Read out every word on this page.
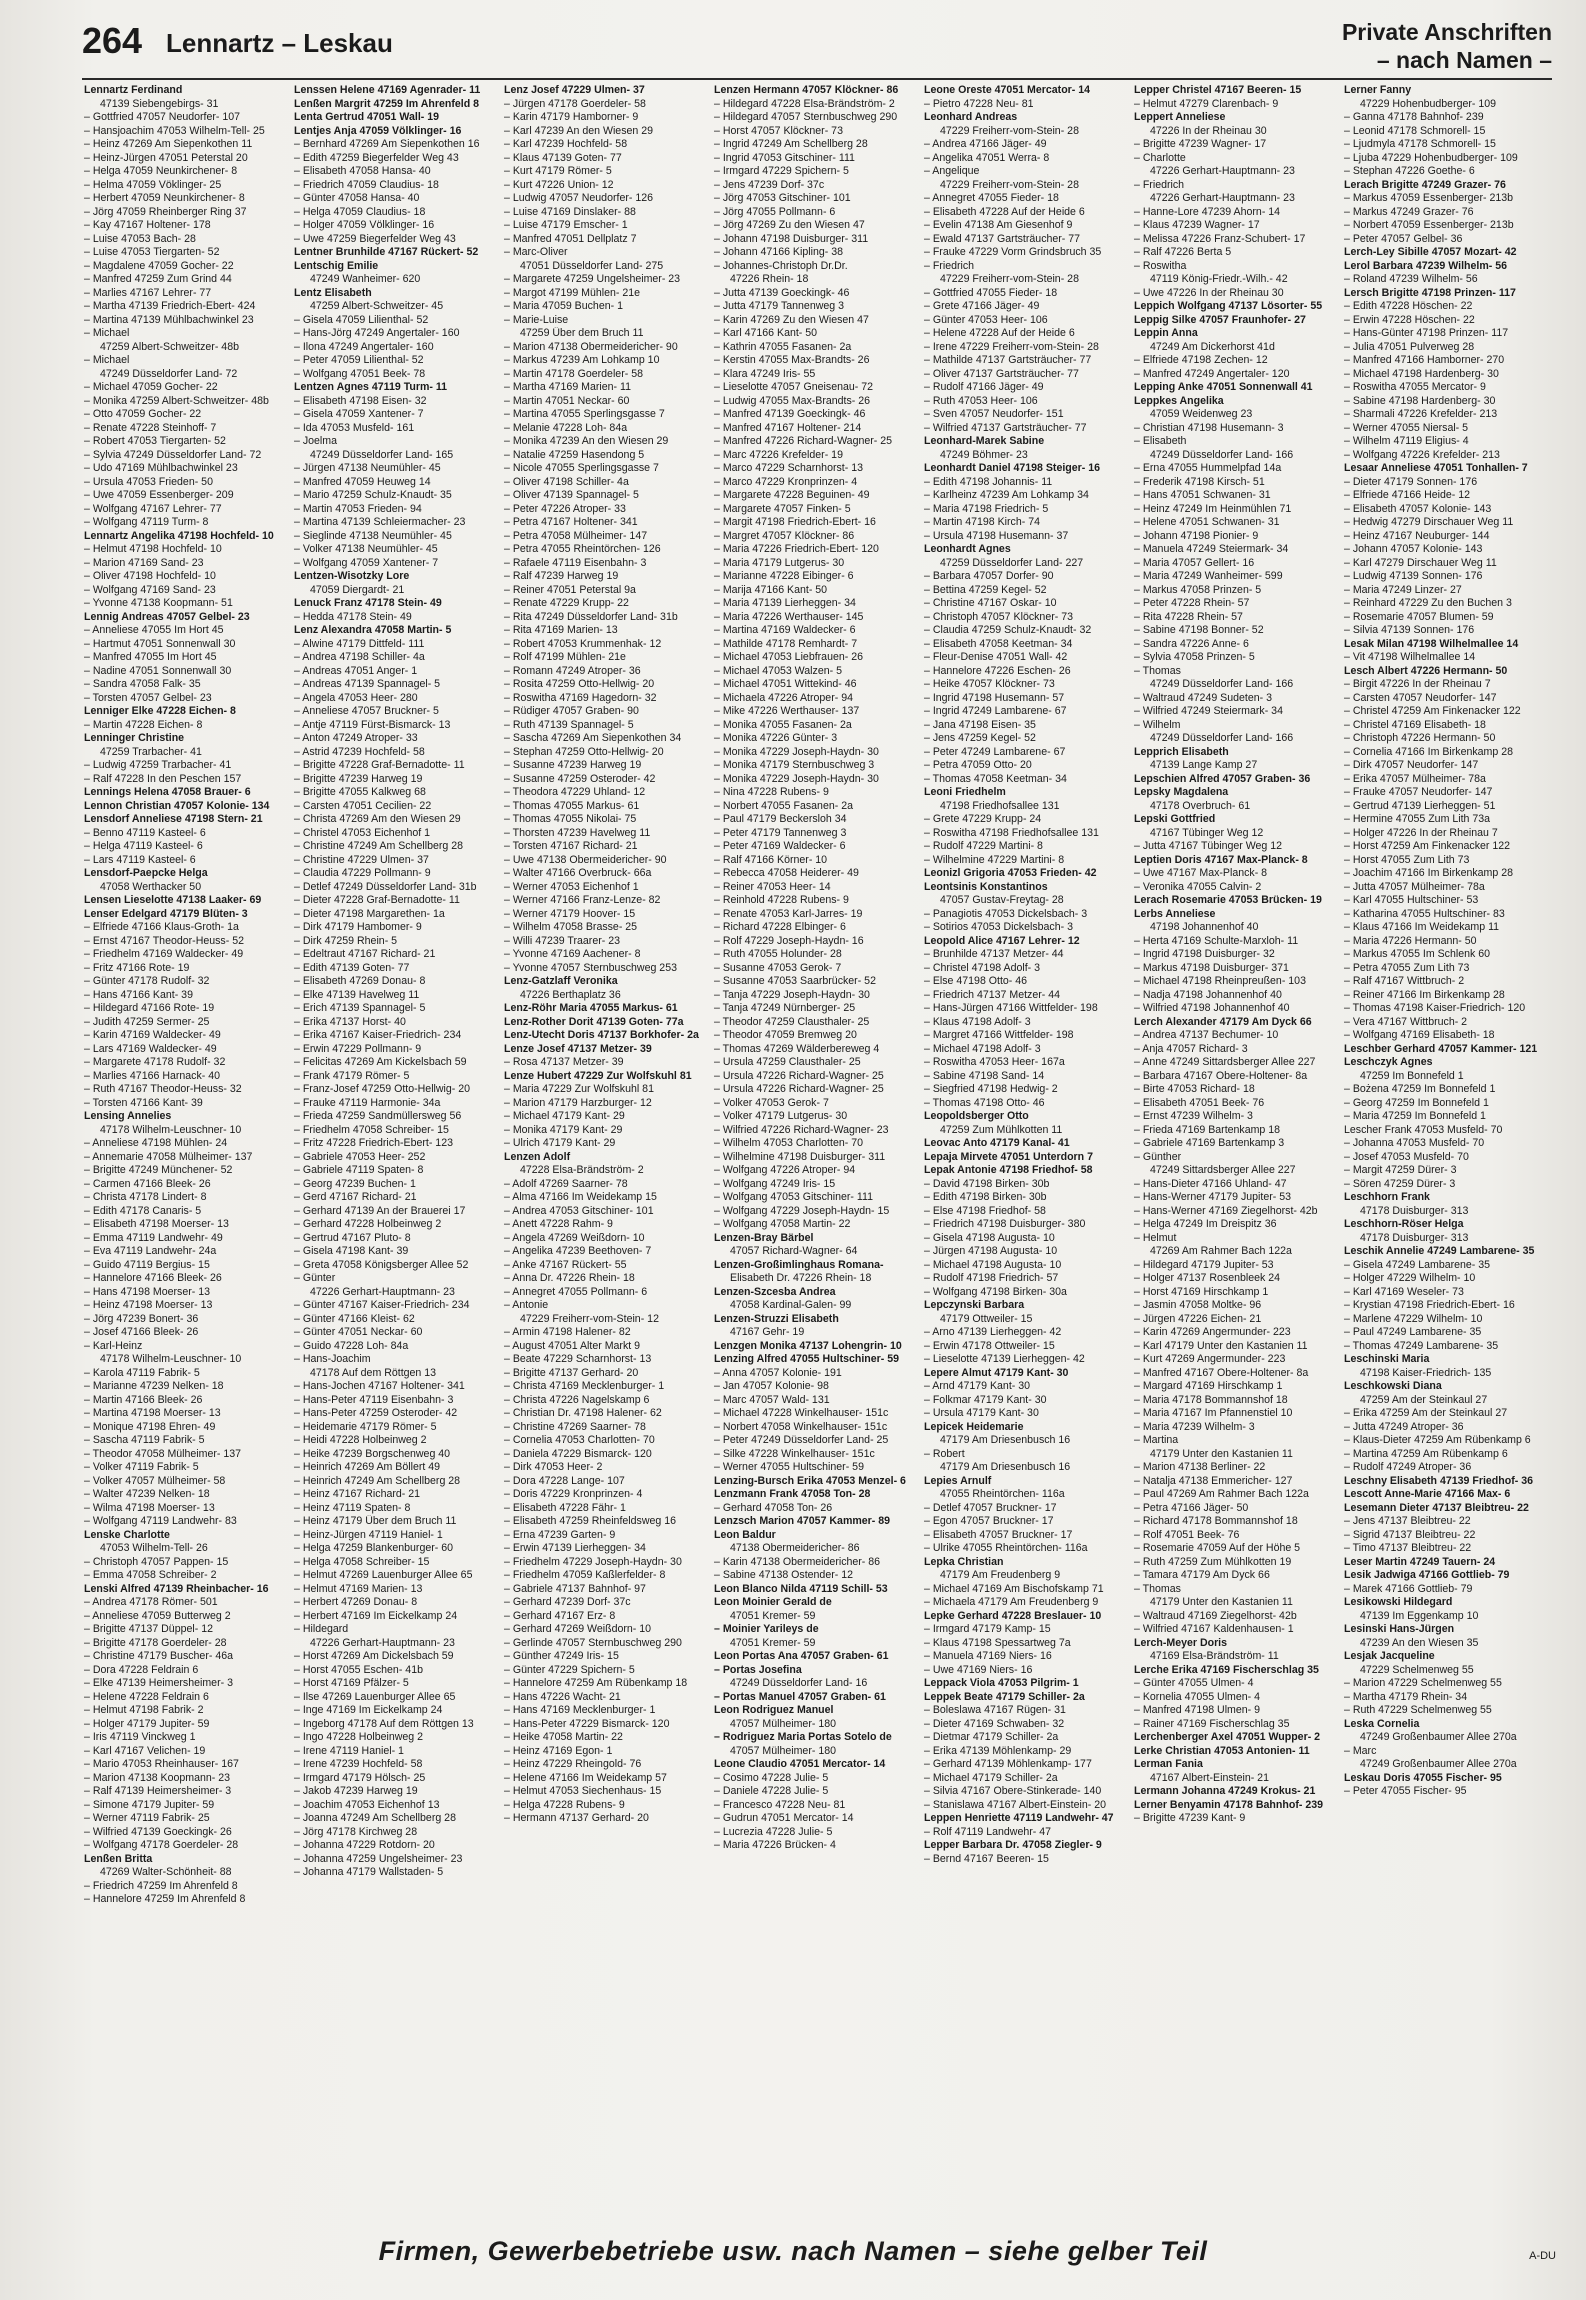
264 Lennartz – Leskau	Private Anschriften
– nach Namen –
Lennartz Ferdinand
47139 Siebengebirgs- 31
– Gottfried 47057 Neudorfer- 107
– Hansjoachim 47053 Wilhelm-Tell- 25
– Heinz 47269 Am Siepenkothen 11
– Heinz-Jürgen 47051 Peterstal 20
– Helga 47059 Neunkirchener- 8
– Helma 47059 Vöklinger- 25
– Herbert 47059 Neunkirchener- 8
– Jörg 47059 Rheinberger Ring 37
– Kay 47167 Holtener- 178
– Luise 47053 Bach- 28
– Luise 47053 Tiergarten- 52
– Magdalene 47059 Gocher- 22
– Manfred 47259 Zum Grind 44
– Marlies 47167 Lehrer- 77
– Martha 47139 Friedrich-Ebert- 424
– Martina 47139 Mühlbachwinkel 23
– Michael
47259 Albert-Schweitzer- 48b
– Michael
47249 Düsseldorfer Land- 72
– Michael 47059 Gocher- 22
– Monika 47259 Albert-Schweitzer- 48b
– Otto 47059 Gocher- 22
– Renate 47228 Steinhoff- 7
– Robert 47053 Tiergarten- 52
– Sylvia 47249 Düsseldorfer Land- 72
– Udo 47169 Mühlbachwinkel 23
– Ursula 47053 Frieden- 50
– Uwe 47059 Essenberger- 209
– Wolfgang 47167 Lehrer- 77
– Wolfgang 47119 Turm- 8
Lennartz Angelika 47198 Hochfeld- 10
– Helmut 47198 Hochfeld- 10
– Marion 47169 Sand- 23
– Oliver 47198 Hochfeld- 10
– Wolfgang 47169 Sand- 23
– Yvonne 47138 Koopmann- 51
Lennig Andreas 47057 Gelbel- 23
– Anneliese 47055 Im Hort 45
– Hartmut 47051 Sonnenwall 30
– Manfred 47055 Im Hort 45
– Nadine 47051 Sonnenwall 30
– Sandra 47058 Falk- 35
– Torsten 47057 Gelbel- 23
Lenniger Elke 47228 Eichen- 8
– Martin 47228 Eichen- 8
Lenninger Christine
47259 Trarbacher- 41
– Ludwig 47259 Trarbacher- 41
– Ralf 47228 In den Peschen 157
Lennings Helena 47058 Brauer- 6
Lennon Christian 47057 Koloniе- 134
Lensdorf Anneliese 47198 Stern- 21
– Benno 47119 Kasteel- 6
– Helga 47119 Kasteel- 6
– Lars 47119 Kasteel- 6
Lensdorf-Paepcke Helga
47058 Werthacker 50
Lensen Lieselotte 47138 Laaker- 69
Lenser Edelgard 47179 Blüten- 3
– Elfriede 47166 Klaus-Groth- 1a
– Ernst 47167 Theodor-Heuss- 52
– Friedhelm 47169 Waldecker- 49
– Fritz 47166 Rote- 19
– Günter 47178 Rudolf- 32
– Hans 47166 Kant- 39
– Hildegard 47166 Rote- 19
– Judith 47259 Sermer- 25
– Karin 47169 Waldecker- 49
– Lars 47169 Waldecker- 49
– Margarete 47178 Rudolf- 32
– Marlies 47166 Harnack- 40
– Ruth 47167 Theodor-Heuss- 32
– Torsten 47166 Kant- 39
Lensing Annelies
47178 Wilhelm-Leuschner- 10
– Anneliese 47198 Mühlen- 24
– Annemarie 47058 Mülheimer- 137
– Brigitte 47249 Münchener- 52
– Carmen 47166 Bleek- 26
– Christa 47178 Lindert- 8
– Edith 47178 Canaris- 5
– Elisabeth 47198 Moerser- 13
– Emma 47119 Landwehr- 49
– Eva 47119 Landwehr- 24a
– Guido 47119 Bergius- 15
– Hannelore 47166 Bleek- 26
– Hans 47198 Moerser- 13
– Heinz 47198 Moerser- 13
– Jörg 47239 Bonert- 36
– Josef 47166 Bleek- 26
– Karl-Heinz
47178 Wilhelm-Leuschner- 10
– Karola 47119 Fabrik- 5
– Marianne 47239 Nelken- 18
– Martin 47166 Bleek- 26
– Martina 47198 Moerser- 13
– Monique 47198 Ehren- 49
– Sascha 47119 Fabrik- 5
– Theodor 47058 Mülheimer- 137
– Volker 47119 Fabrik- 5
– Volker 47057 Mülheimer- 58
– Walter 47239 Nelken- 18
– Wilma 47198 Moerser- 13
– Wolfgang 47119 Landwehr- 83
Lenske Charlotte
47053 Wilhelm-Tell- 26
– Christoph 47057 Pappen- 15
– Emma 47058 Schreiber- 2
Lenski Alfred 47139 Rheinbacher- 16
– Andrea 47178 Römer- 501
– Anneliese 47059 Butterweg 2
– Brigitte 47137 Düppel- 12
– Brigitte 47178 Goerdeler- 28
– Christine 47179 Buscher- 46a
– Dora 47228 Feldrain 6
– Elke 47139 Heimersheimer- 3
– Helene 47228 Feldrain 6
– Helmut 47198 Fabrik- 2
– Holger 47179 Jupiter- 59
– Iris 47119 Vinckweg 1
– Karl 47167 Velichen- 19
– Mario 47053 Rheinhauser- 167
– Marion 47138 Koopmann- 23
– Ralf 47139 Heimersheimer- 3
– Simone 47179 Jupiter- 59
– Werner 47119 Fabrik- 25
– Wilfried 47139 Goeckingk- 26
– Wolfgang 47178 Goerdeler- 28
Lenßen Britta
47269 Walter-Schönheit- 88
– Friedrich 47259 Im Ahrenfeld 8
– Hannelore 47259 Im Ahrenfeld 8
Lenssen Helene 47169 Agenrader- 11
Lenßen Margrit 47259 Im Ahrenfeld 8
Lenta Gertrud 47051 Wall- 19
Lentjes Anja 47059 Völklinger- 16
– Bernhard 47269 Am Siepenkothen 16
– Edith 47259 Biegerfelder Weg 43
– Elisabeth 47058 Hansa- 40
– Friedrich 47059 Claudius- 18
– Günter 47058 Hansa- 40
– Helga 47059 Claudius- 18
– Holger 47059 Völklinger- 16
– Uwe 47259 Biegerfelder Weg 43
Lentner Brunhilde 47167 Rückert- 52
Lentschig Emilie
47249 Wanheimer- 620
Lentz Elisabeth
47259 Albert-Schweitzer- 45
– Gisela 47059 Lilienthal- 52
– Hans-Jörg 47249 Angertaler- 160
– Ilona 47249 Angertaler- 160
– Peter 47059 Lilienthal- 52
– Wolfgang 47051 Beek- 78
Lentzen Agnes 47119 Turm- 11
– Elisabeth 47198 Eisen- 32
– Gisela 47059 Xantener- 7
– Ida 47053 Musfeld- 161
– Joelma
47249 Düsseldorfer Land- 165
– Jürgen 47138 Neumühler- 45
– Manfred 47059 Heuweg 14
– Mario 47259 Schulz-Knaudt- 35
– Martin 47053 Frieden- 94
– Martina 47139 Schleiermacher- 23
– Sieglinde 47138 Neumühler- 45
– Volker 47138 Neumühler- 45
– Wolfgang 47059 Xantener- 7
Lentzen-Wisotzky Lore
47059 Diergardt- 21
Lenuck Franz 47178 Stein- 49
– Hedda 47178 Stein- 49
Lenz Alexandra 47058 Martin- 5
– Alwine 47179 Dittfeld- 111
– Andrea 47198 Schiller- 4a
– Andreas 47051 Anger- 1
– Andreas 47139 Spannagel- 5
– Angela 47053 Heer- 280
– Anneliese 47057 Bruckner- 5
– Antje 47119 Fürst-Bismarck- 13
– Anton 47249 Atroper- 33
– Astrid 47239 Hochfeld- 58
– Brigitte 47228 Graf-Bernadotte- 11
– Brigitte 47239 Harweg 19
– Brigitte 47055 Kalkweg 68
– Carsten 47051 Cecilien- 22
– Christa 47269 Am den Wiesen 29
– Christel 47053 Eichenhof 1
– Christine 47249 Am Schellberg 28
– Christine 47229 Ulmen- 37
– Claudia 47229 Pollmann- 9
– Detlef 47249 Düsseldorfer Land- 31b
– Dieter 47228 Graf-Bernadotte- 11
– Dieter 47198 Margarethen- 1a
– Dirk 47179 Hambomer- 9
– Dirk 47259 Rhein- 5
– Edeltraut 47167 Richard- 21
– Edith 47139 Goten- 77
– Elisabeth 47269 Donau- 8
– Elke 47139 Havelweg 11
– Erich 47139 Spannagel- 5
– Erika 47137 Horst- 40
– Erika 47167 Kaiser-Friedrich- 234
– Erwin 47229 Pollmann- 9
– Felicitas 47269 Am Kickelsbach 59
– Frank 47179 Römer- 5
– Franz-Josef 47259 Otto-Hellwig- 20
– Frauke 47119 Harmonie- 34a
– Frieda 47259 Sandmüllersweg 56
– Friedhelm 47058 Schreiber- 15
– Fritz 47228 Friedrich-Ebert- 123
– Gabriele 47053 Heer- 252
– Gabriele 47119 Spaten- 8
– Georg 47239 Buchen- 1
– Gerd 47167 Richard- 21
– Gerhard 47139 An der Brauerei 17
– Gerhard 47228 Holbeinweg 2
– Gertrud 47167 Pluto- 8
– Gisela 47198 Kant- 39
– Greta 47058 Königsberger Allee 52
– Günter
47226 Gerhart-Hauptmann- 23
– Günter 47167 Kaiser-Friedrich- 234
– Günter 47166 Kleist- 62
– Günter 47051 Neckar- 60
– Guido 47228 Loh- 84a
– Hans-Joachim
47178 Auf dem Röttgen 13
– Hans-Jochen 47167 Holtener- 341
– Hans-Peter 47119 Eisenbahn- 3
– Hans-Peter 47259 Osteroder- 42
– Heidemarie 47179 Römer- 5
– Heidi 47228 Holbeinweg 2
– Heike 47239 Borgschenweg 40
– Heinrich 47269 Am Böllert 49
– Heinrich 47249 Am Schellberg 28
– Heinz 47167 Richard- 21
– Heinz 47119 Spaten- 8
– Heinz 47179 Über dem Bruch 11
– Heinz-Jürgen 47119 Haniel- 1
– Helga 47259 Blankenburger- 60
– Helga 47058 Schreiber- 15
– Helmut 47269 Lauenburger Allee 65
– Helmut 47169 Marien- 13
– Herbert 47269 Donau- 8
– Herbert 47169 Im Eickelkamp 24
– Hildegard
47226 Gerhart-Hauptmann- 23
– Horst 47269 Am Dickelsbach 59
– Horst 47055 Eschen- 41b
– Horst 47169 Pfälzer- 5
– Ilse 47269 Lauenburger Allee 65
– Inge 47169 Im Eickelkamp 24
– Ingeborg 47178 Auf dem Röttgen 13
– Ingo 47228 Holbeinweg 2
– Irene 47119 Haniel- 1
– Irene 47239 Hochfeld- 58
– Irmgard 47179 Hölsch- 25
– Jakob 47239 Harweg 19
– Joachim 47053 Eichenhof 13
– Joanna 47249 Am Schellberg 28
– Jörg 47178 Kirchweg 28
– Johanna 47229 Rotdorn- 20
– Johanna 47259 Ungelsheimer- 23
– Johanna 47179 Wallstaden- 5
Lenz Josef 47229 Ulmen- 37
– Jürgen 47178 Goerdeler- 58
– Karin 47179 Hamborner- 9
– Karl 47239 An den Wiesen 29
– Karl 47239 Hochfeld- 58
– Klaus 47139 Goten- 77
– Kurt 47179 Römer- 5
– Kurt 47226 Union- 12
– Ludwig 47057 Neudorfer- 126
– Luise 47169 Dinslaker- 88
– Luise 47179 Emscher- 1
– Manfred 47051 Dellplatz 7
– Marc-Oliver
47051 Düsseldorfer Land- 275
– Margarete 47259 Ungelsheimer- 23
– Margot 47199 Mühlen- 21e
– Maria 47059 Buchen- 1
– Marie-Luise
47259 Über dem Bruch 11
– Marion 47138 Obermeidericher- 90
– Markus 47239 Am Lohkamp 10
– Martin 47178 Goerdeler- 58
– Martha 47169 Marien- 11
– Martin 47051 Neckar- 60
– Martina 47055 Sperlingsgasse 7
– Melanie 47228 Loh- 84a
– Monika 47239 An den Wiesen 29
– Natalie 47259 Hasendong 5
– Nicole 47055 Sperlingsgasse 7
– Oliver 47198 Schiller- 4a
– Oliver 47139 Spannagel- 5
– Peter 47226 Atroper- 33
– Petra 47167 Holtener- 341
– Petra 47058 Mülheimer- 147
– Petra 47055 Rheintörchen- 126
– Rafaele 47119 Eisenbahn- 3
– Ralf 47239 Harweg 19
– Reiner 47051 Peterstal 9a
– Renate 47229 Krupp- 22
– Rita 47249 Düsseldorfer Land- 31b
– Rita 47169 Marien- 13
– Robert 47053 Krummenhak- 12
– Rolf 47199 Mühlen- 21e
– Romann 47249 Atroper- 36
– Rosita 47259 Otto-Hellwig- 20
– Roswitha 47169 Hagedorn- 32
– Rüdiger 47057 Graben- 90
– Ruth 47139 Spannagel- 5
– Sascha 47269 Am Siepenkothen 34
– Stephan 47259 Otto-Hellwig- 20
– Susanne 47239 Harweg 19
– Susanne 47259 Osteroder- 42
– Theodora 47229 Uhland- 12
– Thomas 47055 Markus- 61
– Thomas 47055 Nikolai- 75
– Thorsten 47239 Havelweg 11
– Torsten 47167 Richard- 21
– Uwe 47138 Obermeidericher- 90
– Walter 47166 Overbruck- 66a
– Werner 47053 Eichenhof 1
– Werner 47166 Franz-Lenze- 82
– Werner 47179 Hoover- 15
– Wilhelm 47058 Brasse- 25
– Willi 47239 Traarer- 23
– Yvonne 47169 Aachener- 8
– Yvonne 47057 Sternbuschweg 253
Lenz-Gatzlaff Veronika
47226 Berthaplatz 36
Lenz-Röhr Maria 47055 Markus- 61
Lenz-Rother Dorit 47139 Goten- 77a
Lenz-Utecht Doris 47137 Borkhofer- 2a
Lenze Josef 47137 Metzer- 39
– Rosa 47137 Metzer- 39
Lenze Hubert 47229 Zur Wolfskuhl 81
– Maria 47229 Zur Wolfskuhl 81
– Marion 47179 Harzburger- 12
– Michael 47179 Kant- 29
– Monika 47179 Kant- 29
– Ulrich 47179 Kant- 29
Lenzen Adolf
47228 Elsa-Brändström- 2
– Adolf 47269 Saarner- 78
– Alma 47166 Im Weidekamp 15
– Andrea 47053 Gitschiner- 101
– Anett 47228 Rahm- 9
– Angela 47269 Weißdorn- 10
– Angelika 47239 Beethoven- 7
– Anke 47167 Rückert- 55
– Anna Dr. 47226 Rhein- 18
– Annegret 47055 Pollmann- 6
– Antonie
47229 Freiherr-vom-Stein- 12
– Armin 47198 Halener- 82
– August 47051 Alter Markt 9
– Beate 47229 Scharnhorst- 13
– Brigitte 47137 Gerhard- 20
– Christa 47169 Mecklenburger- 1
– Christa 47226 Nagelskamp 6
– Christian Dr. 47198 Halener- 62
– Christine 47269 Saarner- 78
– Cornelia 47053 Charlotten- 70
– Daniela 47229 Bismarck- 120
– Dirk 47053 Heer- 2
– Dora 47228 Lange- 107
– Doris 47229 Kronprinzen- 4
– Elisabeth 47228 Fähr- 1
– Elisabeth 47259 Rheinfeldsweg 16
– Erna 47239 Garten- 9
– Erwin 47139 Lierheggen- 34
– Friedhelm 47229 Joseph-Haydn- 30
– Friedhelm 47059 Kaßlerfelder- 8
– Gabriele 47137 Bahnhof- 97
– Gerhard 47239 Dorf- 37c
– Gerhard 47167 Erz- 8
– Gerhard 47269 Weißdorn- 10
– Gerlinde 47057 Sternbuschweg 290
– Günther 47249 Iris- 15
– Günter 47229 Spichern- 5
– Hannelore 47259 Am Rübenkamp 18
– Hans 47226 Wacht- 21
– Hans 47169 Mecklenburger- 1
– Hans-Peter 47229 Bismarck- 120
– Heike 47058 Martin- 22
– Heinz 47169 Egon- 1
– Heinz 47229 Rheingold- 76
– Helene 47166 Im Weidekamp 57
– Helmut 47053 Siechenhaus- 15
– Helga 47228 Rubens- 9
– Hermann 47137 Gerhard- 20
Lenzen Hermann 47057 Klöckner- 86
– Hildegard 47228 Elsa-Brändström- 2
– Hildegard 47057 Sternbuschweg 290
– Horst 47057 Klöckner- 73
– Ingrid 47249 Am Schellberg 28
– Ingrid 47053 Gitschiner- 111
– Irmgard 47229 Spichern- 5
– Jens 47239 Dorf- 37c
– Jörg 47053 Gitschiner- 101
– Jörg 47055 Pollmann- 6
– Jörg 47269 Zu den Wiesen 47
– Johann 47198 Duisburger- 311
– Johann 47166 Kipling- 38
– Johannes-Christoph Dr.Dr.
47226 Rhein- 18
– Jutta 47139 Goeckingk- 46
– Jutta 47179 Tannenweg 3
– Karin 47269 Zu den Wiesen 47
– Karl 47166 Kant- 50
– Kathrin 47055 Fasanen- 2a
– Kerstin 47055 Max-Brandts- 26
– Klara 47249 Iris- 55
– Lieselotte 47057 Gneisenau- 72
– Ludwig 47055 Max-Brandts- 26
– Manfred 47139 Goeckingk- 46
– Manfred 47167 Holtener- 214
– Manfred 47226 Richard-Wagner- 25
– Marc 47226 Krefelder- 19
– Marco 47229 Scharnhorst- 13
– Marco 47229 Kronprinzen- 4
– Margarete 47228 Beguinen- 49
– Margarete 47057 Finken- 5
– Margit 47198 Friedrich-Ebert- 16
– Margret 47057 Klöckner- 86
– Maria 47226 Friedrich-Ebert- 120
– Maria 47179 Lutgerus- 30
– Marianne 47228 Eibinger- 6
– Marija 47166 Kant- 50
– Maria 47139 Lierheggen- 34
– Maria 47226 Werthauser- 145
– Martina 47169 Waldecker- 6
– Mathilde 47178 Remhardt- 7
– Michael 47053 Liebfrauen- 26
– Michael 47053 Walzen- 5
– Michael 47051 Wittekind- 46
– Michaela 47226 Atroper- 94
– Mike 47226 Werthauser- 137
– Monika 47055 Fasanen- 2a
– Monika 47226 Günter- 3
– Monika 47229 Joseph-Haydn- 30
– Monika 47179 Sternbuschweg 3
– Monika 47229 Joseph-Haydn- 30
– Nina 47228 Rubens- 9
– Norbert 47055 Fasanen- 2a
– Paul 47179 Beckersloh 34
– Peter 47179 Tannenweg 3
– Peter 47169 Waldecker- 6
– Ralf 47166 Körner- 10
– Rebecca 47058 Heiderer- 49
– Reiner 47053 Heer- 14
– Reinhold 47228 Rubens- 9
– Renate 47053 Karl-Jarres- 19
– Richard 47228 Elbinger- 6
– Rolf 47229 Joseph-Haydn- 16
– Ruth 47055 Holunder- 28
– Susanne 47053 Gerok- 7
– Susanne 47053 Saarbrücker- 52
– Tanja 47229 Joseph-Haydn- 30
– Tanja 47249 Nürnberger- 25
– Theodor 47259 Clausthaler- 25
– Theodor 47059 Bremweg 20
– Thomas 47269 Wälderbereweg 4
– Ursula 47259 Clausthaler- 25
– Ursula 47226 Richard-Wagner- 25
– Ursula 47226 Richard-Wagner- 25
– Volker 47053 Gerok- 7
– Volker 47179 Lutgerus- 30
– Wilfried 47226 Richard-Wagner- 23
– Wilhelm 47053 Charlotten- 70
– Wilhelmine 47198 Duisburger- 311
– Wolfgang 47226 Atroper- 94
– Wolfgang 47249 Iris- 15
– Wolfgang 47053 Gitschiner- 111
– Wolfgang 47229 Joseph-Haydn- 15
– Wolfgang 47058 Martin- 22
Lenzen-Bray Bärbel
47057 Richard-Wagner- 64
Lenzen-Großimlinghaus Romana-
Elisabeth Dr. 47226 Rhein- 18
Lenzen-Szcesba Andrea
47058 Kardinal-Galen- 99
Lenzen-Struzzi Elisabeth
47167 Gehr- 19
Lenzgen Monika 47137 Lohengrin- 10
Lenzing Alfred 47055 Hultschiner- 59
– Anna 47057 Kolonie- 191
– Jan 47057 Kolonie- 98
– Marc 47057 Wald- 131
– Michael 47228 Winkelhauser- 151c
– Norbert 47058 Winkelhauser- 151c
– Peter 47249 Düsseldorfer Land- 25
– Silke 47228 Winkelhauser- 151c
– Werner 47055 Hultschiner- 59
Lenzing-Bursch Erika 47053 Menzel- 6
Lenzmann Frank 47058 Ton- 28
– Gerhard 47058 Ton- 26
Lenzsch Marion 47057 Kammer- 89
Leon Baldur
47138 Obermeidericher- 86
– Karin 47138 Obermeidericher- 86
– Sabine 47138 Ostender- 12
Leon Blanco Nilda 47119 Schill- 53
Leon Moinier Gerald de
47051 Kremer- 59
– Moinier Yarileys de
47051 Kremer- 59
Leon Portas Ana 47057 Graben- 61
– Portas Josefina
47249 Düsseldorfer Land- 16
– Portas Manuel 47057 Graben- 61
Leon Rodriguez Manuel
47057 Mülheimer- 180
– Rodriguez Maria Portas Sotelo de
47057 Mülheimer- 180
Leone Claudio 47051 Mercator- 14
– Cosimo 47228 Julie- 5
– Daniele 47228 Julie- 5
– Francesco 47228 Neu- 81
– Gudrun 47051 Mercator- 14
– Lucrezia 47228 Julie- 5
– Maria 47226 Brücken- 4
Leone Oreste 47051 Mercator- 14
– Pietro 47228 Neu- 81
Leonhard Andreas
47229 Freiherr-vom-Stein- 28
– Andrea 47166 Jäger- 49
– Angelika 47051 Werra- 8
– Angelique
47229 Freiherr-vom-Stein- 28
– Annegret 47055 Fieder- 18
– Elisabeth 47228 Auf der Heide 6
– Evelin 47138 Am Giesenhof 9
– Ewald 47137 Gartsträucher- 77
– Frauke 47229 Vorm Grindsbruch 35
– Friedrich
47229 Freiherr-vom-Stein- 28
– Gottfried 47055 Fieder- 18
– Grete 47166 Jäger- 49
– Günter 47053 Heer- 106
– Helene 47228 Auf der Heide 6
– Irene 47229 Freiherr-vom-Stein- 28
– Mathilde 47137 Gartsträucher- 77
– Oliver 47137 Gartsträucher- 77
– Rudolf 47166 Jäger- 49
– Ruth 47053 Heer- 106
– Sven 47057 Neudorfer- 151
– Wilfried 47137 Gartsträucher- 77
Leonhard-Marek Sabine
47249 Böhmer- 23
Leonhardt Daniel 47198 Steiger- 16
– Edith 47198 Johannis- 11
– Karlheinz 47239 Am Lohkamp 34
– Maria 47198 Friedrich- 5
– Martin 47198 Kirch- 74
– Ursula 47198 Husemann- 37
Leonhardt Agnes
47259 Düsseldorfer Land- 227
– Barbara 47057 Dorfer- 90
– Bettina 47259 Kegel- 52
– Christine 47167 Oskar- 10
– Christoph 47057 Klöckner- 73
– Claudia 47259 Schulz-Knaudt- 32
– Elisabeth 47058 Keetman- 34
– Fleur-Denise 47051 Wall- 42
– Hannelore 47226 Eschen- 26
– Heike 47057 Klöckner- 73
– Ingrid 47198 Husemann- 57
– Ingrid 47249 Lambarene- 67
– Jana 47198 Eisen- 35
– Jens 47259 Kegel- 52
– Peter 47249 Lambarene- 67
– Petra 47059 Otto- 20
– Thomas 47058 Keetman- 34
Leoni Friedhelm
47198 Friedhofsallee 131
– Grete 47229 Krupp- 24
– Roswitha 47198 Friedhofsallee 131
– Rudolf 47229 Martini- 8
– Wilhelmine 47229 Martini- 8
Leonizl Grigoria 47053 Frieden- 42
Leontsinis Konstantinos
47057 Gustav-Freytag- 28
– Panagiotis 47053 Dickelsbach- 3
– Sotirios 47053 Dickelsbach- 3
Leopold Alice 47167 Lehrer- 12
– Brunhilde 47137 Metzer- 44
– Christel 47198 Adolf- 3
– Else 47198 Otto- 46
– Friedrich 47137 Metzer- 44
– Hans-Jürgen 47166 Wittfelder- 198
– Klaus 47198 Adolf- 3
– Margret 47166 Wittfelder- 198
– Michael 47198 Adolf- 3
– Roswitha 47053 Heer- 167a
– Sabine 47198 Sand- 14
– Siegfried 47198 Hedwig- 2
– Thomas 47198 Otto- 46
Leopoldsberger Otto
47259 Zum Mühlkotten 11
Leovac Anto 47179 Kanal- 41
Lepaja Mirvete 47051 Unterdorn 7
Lepak Antonie 47198 Friedhof- 58
– David 47198 Birken- 30b
– Edith 47198 Birken- 30b
– Else 47198 Friedhof- 58
– Friedrich 47198 Duisburger- 380
– Gisela 47198 Augusta- 10
– Jürgen 47198 Augusta- 10
– Michael 47198 Augusta- 10
– Rudolf 47198 Friedrich- 57
– Wolfgang 47198 Birken- 30a
Lepczynski Barbara
47179 Ottweiler- 15
– Arno 47139 Lierheggen- 42
– Erwin 47178 Ottweiler- 15
– Lieselotte 47139 Lierheggen- 42
Lepere Almut 47179 Kant- 30
– Arnd 47179 Kant- 30
– Folkmar 47179 Kant- 30
– Ursula 47179 Kant- 30
Lepicek Heidemarie
47179 Am Driesenbusch 16
– Robert
47179 Am Driesenbusch 16
Lepies Arnulf
47055 Rheintörchen- 116a
– Detlef 47057 Bruckner- 17
– Egon 47057 Bruckner- 17
– Elisabeth 47057 Bruckner- 17
– Ulrike 47055 Rheintörchen- 116a
Lepka Christian
47179 Am Freudenberg 9
– Michael 47169 Am Bischofskamp 71
– Michaela 47179 Am Freudenberg 9
Lepke Gerhard 47228 Breslauer- 10
– Irmgard 47179 Kamp- 15
– Klaus 47198 Spessartweg 7a
– Manuela 47169 Niers- 16
– Uwe 47169 Niers- 16
Leppack Viola 47053 Pilgrim- 1
Leppek Beate 47179 Schiller- 2a
– Boleslawa 47167 Rügen- 31
– Dieter 47169 Schwaben- 32
– Dietmar 47179 Schiller- 2a
– Erika 47139 Möhlenkamp- 29
– Gerhard 47139 Möhlenkamp- 177
– Michael 47179 Schiller- 2a
– Silvia 47167 Obere-Stinkerade- 140
– Stanislawa 47167 Albert-Einstein- 20
Leppen Henriette 47119 Landwehr- 47
– Rolf 47119 Landwehr- 47
Lepper Barbara Dr. 47058 Ziegler- 9
– Bernd 47167 Beeren- 15
Lepper Christel 47167 Beeren- 15
– Helmut 47279 Clarenbach- 9
Leppert Anneliese
47226 In der Rheinau 30
– Brigitte 47239 Wagner- 17
– Charlotte
47226 Gerhart-Hauptmann- 23
– Friedrich
47226 Gerhart-Hauptmann- 23
– Hanne-Lore 47239 Ahorn- 14
– Klaus 47239 Wagner- 17
– Melissa 47226 Franz-Schubert- 17
– Ralf 47226 Berta 5
– Roswitha
47119 König-Friedr.-Wilh.- 42
– Uwe 47226 In der Rheinau 30
Leppich Wolfgang 47137 Lösorter- 55
Leppig Silke 47057 Fraunhofer- 27
Leppin Anna
47249 Am Dickerhorst 41d
– Elfriede 47198 Zechen- 12
– Manfred 47249 Angertaler- 120
Lepping Anke 47051 Sonnenwall 41
Leppkes Angelika
47059 Weidenweg 23
– Christian 47198 Husemann- 3
– Elisabeth
47249 Düsseldorfer Land- 166
– Erna 47055 Hummelpfad 14a
– Frederik 47198 Kirsch- 51
– Hans 47051 Schwanen- 31
– Heinz 47249 Im Heinmühlen 71
– Helene 47051 Schwanen- 31
– Johann 47198 Pionier- 9
– Manuela 47249 Steiermark- 34
– Maria 47057 Gellert- 16
– Maria 47249 Wanheimer- 599
– Markus 47058 Prinzen- 5
– Peter 47228 Rhein- 57
– Rita 47228 Rhein- 57
– Sabine 47198 Bonner- 52
– Sandra 47226 Anne- 6
– Sylvia 47058 Prinzen- 5
– Thomas
47249 Düsseldorfer Land- 166
– Waltraud 47249 Sudeten- 3
– Wilfried 47249 Steiermark- 34
– Wilhelm
47249 Düsseldorfer Land- 166
Lepprich Elisabeth
47139 Lange Kamp 27
Lepschien Alfred 47057 Graben- 36
Lepsky Magdalena
47178 Overbruch- 61
Lepski Gottfried
47167 Tübinger Weg 12
– Jutta 47167 Tübinger Weg 12
Leptien Doris 47167 Max-Planck- 8
– Uwe 47167 Max-Planck- 8
– Veronika 47055 Calvin- 2
Lerach Rosemarie 47053 Brücken- 19
Lerbs Anneliese
47198 Johannenhof 40
– Herta 47169 Schulte-Marxloh- 11
– Ingrid 47198 Duisburger- 32
– Markus 47198 Duisburger- 371
– Michael 47198 Rheinpreußen- 103
– Nadja 47198 Johannenhof 40
– Wilfried 47198 Johannenhof 40
Lerch Alexander 47179 Am Dyck 66
– Andrea 47137 Bechumer- 10
– Anja 47057 Richard- 3
– Anne 47249 Sittardsberger Allee 227
– Barbara 47167 Obere-Holtener- 8a
– Birte 47053 Richard- 18
– Elisabeth 47051 Beek- 76
– Ernst 47239 Wilhelm- 3
– Frieda 47169 Bartenkamp 18
– Gabriele 47169 Bartenkamp 3
– Günther
47249 Sittardsberger Allee 227
– Hans-Dieter 47166 Uhland- 47
– Hans-Werner 47179 Jupiter- 53
– Hans-Werner 47169 Ziegelhorst- 42b
– Helga 47249 Im Dreispitz 36
– Helmut
47269 Am Rahmer Bach 122a
– Hildegard 47179 Jupiter- 53
– Holger 47137 Rosenbleek 24
– Horst 47169 Hirschkamp 1
– Jasmin 47058 Moltke- 96
– Jürgen 47226 Eichen- 21
– Karin 47269 Angermunder- 223
– Karl 47179 Unter den Kastanien 11
– Kurt 47269 Angermunder- 223
– Manfred 47167 Obere-Holtener- 8a
– Margard 47169 Hirschkamp 1
– Maria 47178 Bommannshof 18
– Maria 47167 Im Pfannenstiel 10
– Maria 47239 Wilhelm- 3
– Martina
47179 Unter den Kastanien 11
– Marion 47138 Berliner- 22
– Natalja 47138 Emmericher- 127
– Paul 47269 Am Rahmer Bach 122a
– Petra 47166 Jäger- 50
– Richard 47178 Bommannshof 18
– Rolf 47051 Beek- 76
– Rosemarie 47059 Auf der Höhe 5
– Ruth 47259 Zum Mühlkotten 19
– Tamara 47179 Am Dyck 66
– Thomas
47179 Unter den Kastanien 11
– Waltraud 47169 Ziegelhorst- 42b
– Wilfried 47167 Kaldenhausen- 1
Lerch-Meyer Doris
47169 Elsa-Brändström- 11
Lerche Erika 47169 Fischerschlag 35
– Günter 47055 Ulmen- 4
– Kornelia 47055 Ulmen- 4
– Manfred 47198 Ulmen- 9
– Rainer 47169 Fischerschlag 35
Lerchenberger Axel 47051 Wupper- 2
Lerke Christian 47053 Antonien- 11
Lerman Fania
47167 Albert-Einstein- 21
Lermann Johanna 47249 Krokus- 21
Lerner Benyamin 47178 Bahnhof- 239
– Brigitte 47239 Kant- 9
Lerner Fanny
47229 Hohenbudberger- 109
– Ganna 47178 Bahnhof- 239
– Leonid 47178 Schmorell- 15
– Ljudmyla 47178 Schmorell- 15
– Ljuba 47229 Hohenbudberger- 109
– Stephan 47226 Goethe- 6
Lerach Brigitte 47249 Grazer- 76
– Markus 47059 Essenberger- 213b
– Markus 47249 Grazer- 76
– Norbert 47059 Essenberger- 213b
– Peter 47057 Gelbel- 36
Lerch-Ley Sibille 47057 Mozart- 42
Lerol Barbara 47239 Wilhelm- 56
– Roland 47239 Wilhelm- 56
Lersch Brigitte 47198 Prinzen- 117
– Edith 47228 Höschen- 22
– Erwin 47228 Höschen- 22
– Hans-Günter 47198 Prinzen- 117
– Julia 47051 Pulverweg 28
– Manfred 47166 Hamborner- 270
– Michael 47198 Hardenberg- 30
– Roswitha 47055 Mercator- 9
– Sabine 47198 Hardenberg- 30
– Sharmali 47226 Krefelder- 213
– Werner 47055 Niersal- 5
– Wilhelm 47119 Eligius- 4
– Wolfgang 47226 Krefelder- 213
Lesaar Anneliese 47051 Tonhallen- 7
– Dieter 47179 Sonnen- 176
– Elfriede 47166 Heide- 12
– Elisabeth 47057 Kolonie- 143
– Hedwig 47279 Dirschauer Weg 11
– Heinz 47167 Neuburger- 144
– Johann 47057 Kolonie- 143
– Karl 47279 Dirschauer Weg 11
– Ludwig 47139 Sonnen- 176
– Maria 47249 Linzer- 27
– Reinhard 47229 Zu den Buchen 3
– Rosemarie 47057 Blumen- 59
– Silvia 47139 Sonnen- 176
Lesak Milan 47198 Wilhelmallee 14
– Vit 47198 Wilhelmallee 14
Lesch Albert 47226 Hermann- 50
– Birgit 47226 In der Rheinau 7
– Carsten 47057 Neudorfer- 147
– Christel 47259 Am Finkenacker 122
– Christel 47169 Elisabeth- 18
– Christoph 47226 Hermann- 50
– Cornelia 47166 Im Birkenkamp 28
– Dirk 47057 Neudorfer- 147
– Erika 47057 Mülheimer- 78a
– Frauke 47057 Neudorfer- 147
– Gertrud 47139 Lierheggen- 51
– Hermine 47055 Zum Lith 73a
– Holger 47226 In der Rheinau 7
– Horst 47259 Am Finkenacker 122
– Horst 47055 Zum Lith 73
– Joachim 47166 Im Birkenkamp 28
– Jutta 47057 Mülheimer- 78a
– Karl 47055 Hultschiner- 53
– Katharina 47055 Hultschiner- 83
– Klaus 47166 Im Weidekamp 11
– Maria 47226 Hermann- 50
– Markus 47055 Im Schlenk 60
– Petra 47055 Zum Lith 73
– Ralf 47167 Wittbruch- 2
– Reiner 47166 Im Birkenkamp 28
– Thomas 47198 Kaiser-Friedrich- 120
– Vera 47167 Wittbruch- 2
– Wolfgang 47169 Elisabeth- 18
Leschber Gerhard 47057 Kammer- 121
Leschczyk Agnes
47259 Im Bonnefeld 1
– Bożena 47259 Im Bonnefeld 1
– Georg 47259 Im Bonnefeld 1
– Maria 47259 Im Bonnefeld 1
Lescher Frank 47053 Musfeld- 70
– Johanna 47053 Musfeld- 70
– Josef 47053 Musfeld- 70
– Margit 47259 Dürer- 3
– Sören 47259 Dürer- 3
Leschhorn Frank
47178 Duisburger- 313
Leschhorn-Röser Helga
47178 Duisburger- 313
Leschik Annelie 47249 Lambarene- 35
– Gisela 47249 Lambarene- 35
– Holger 47229 Wilhelm- 10
– Karl 47169 Weseler- 73
– Krystian 47198 Friedrich-Ebert- 16
– Marlene 47229 Wilhelm- 10
– Paul 47249 Lambarene- 35
– Thomas 47249 Lambarene- 35
Leschinski Maria
47198 Kaiser-Friedrich- 135
Leschkowski Diana
47259 Am der Steinkaul 27
– Erika 47259 Am der Steinkaul 27
– Jutta 47249 Atroper- 36
– Klaus-Dieter 47259 Am Rübenkamp 6
– Martina 47259 Am Rübenkamp 6
– Rudolf 47249 Atroper- 36
Leschny Elisabeth 47139 Friedhof- 36
Lescott Anne-Marie 47166 Max- 6
Lesemann Dieter 47137 Bleibtreu- 22
– Jens 47137 Bleibtreu- 22
– Sigrid 47137 Bleibtreu- 22
– Timo 47137 Bleibtreu- 22
Leser Martin 47249 Tauern- 24
Lesik Jadwiga 47166 Gottlieb- 79
– Marek 47166 Gottlieb- 79
Lesikowski Hildegard
47139 Im Eggenkamp 10
Lesinski Hans-Jürgen
47239 An den Wiesen 35
Lesjak Jacqueline
47229 Schelmenweg 55
– Marion 47229 Schelmenweg 55
– Martha 47179 Rhein- 34
– Ruth 47229 Schelmenweg 55
Leska Cornelia
47249 Großenbaumer Allee 270a
– Marc
47249 Großenbaumer Allee 270a
Leskau Doris 47055 Fischer- 95
– Peter 47055 Fischer- 95
Firmen, Gewerbebetriebe usw. nach Namen – siehe gelber Teil	A-DU
